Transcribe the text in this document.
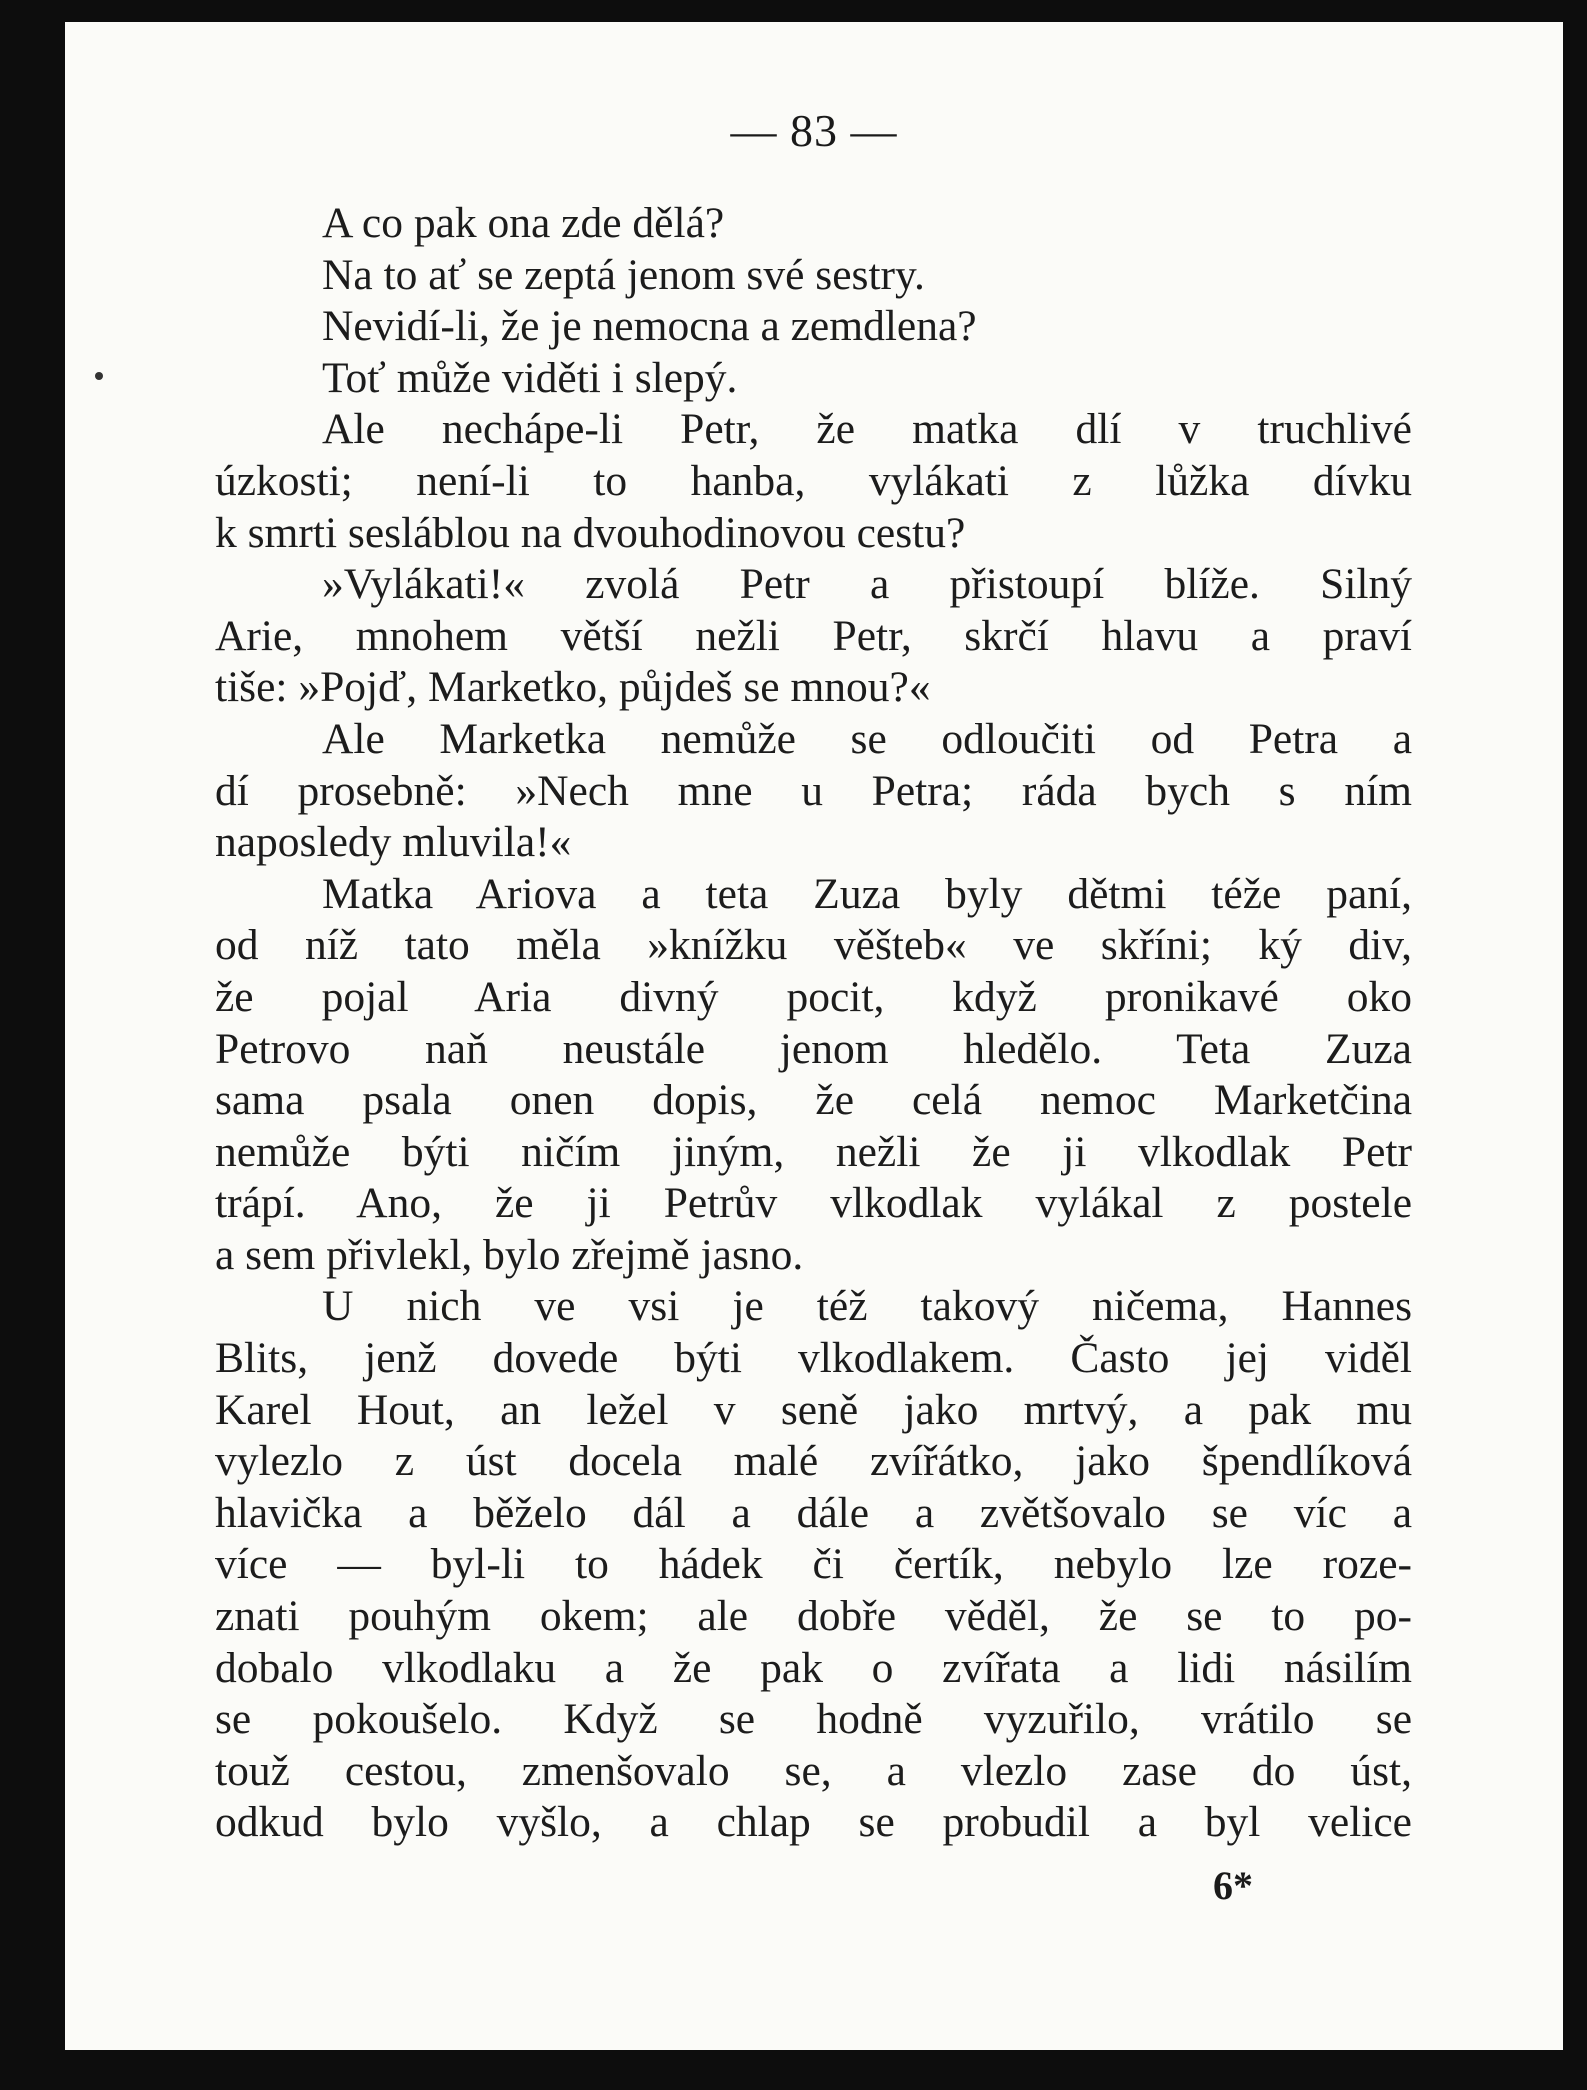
— 83 —
A co pak ona zde dělá?
Na to ať se zeptá jenom své sestry.
Nevidí-li, že je nemocna a zemdlena?
Toť může viděti i slepý.
Ale nechápe-li Petr, že matka dlí v truchlivé
úzkosti; není-li to hanba, vylákati z lůžka dívku
k smrti sesláblou na dvouhodinovou cestu?
»Vylákati!« zvolá Petr a přistoupí blíže. Silný
Arie, mnohem větší nežli Petr, skrčí hlavu a praví
tiše: »Pojď, Marketko, půjdeš se mnou?«
Ale Marketka nemůže se odloučiti od Petra a
dí prosebně: »Nech mne u Petra; ráda bych s ním
naposledy mluvila!«
Matka Ariova a teta Zuza byly dětmi téže paní,
od níž tato měla »knížku věšteb« ve skříni; ký div,
že pojal Aria divný pocit, když pronikavé oko
Petrovo naň neustále jenom hledělo. Teta Zuza
sama psala onen dopis, že celá nemoc Marketčina
nemůže býti ničím jiným, nežli že ji vlkodlak Petr
trápí. Ano, že ji Petrův vlkodlak vylákal z postele
a sem přivlekl, bylo zřejmě jasno.
U nich ve vsi je též takový ničema, Hannes
Blits, jenž dovede býti vlkodlakem. Často jej viděl
Karel Hout, an ležel v seně jako mrtvý, a pak mu
vylezlo z úst docela malé zvířátko, jako špendlíková
hlavička a běželo dál a dále a zvětšovalo se víc a
více — byl-li to hádek či čertík, nebylo lze roze-
znati pouhým okem; ale dobře věděl, že se to po-
dobalo vlkodlaku a že pak o zvířata a lidi násilím
se pokoušelo. Když se hodně vyzuřilo, vrátilo se
touž cestou, zmenšovalo se, a vlezlo zase do úst,
odkud bylo vyšlo, a chlap se probudil a byl velice
6*
